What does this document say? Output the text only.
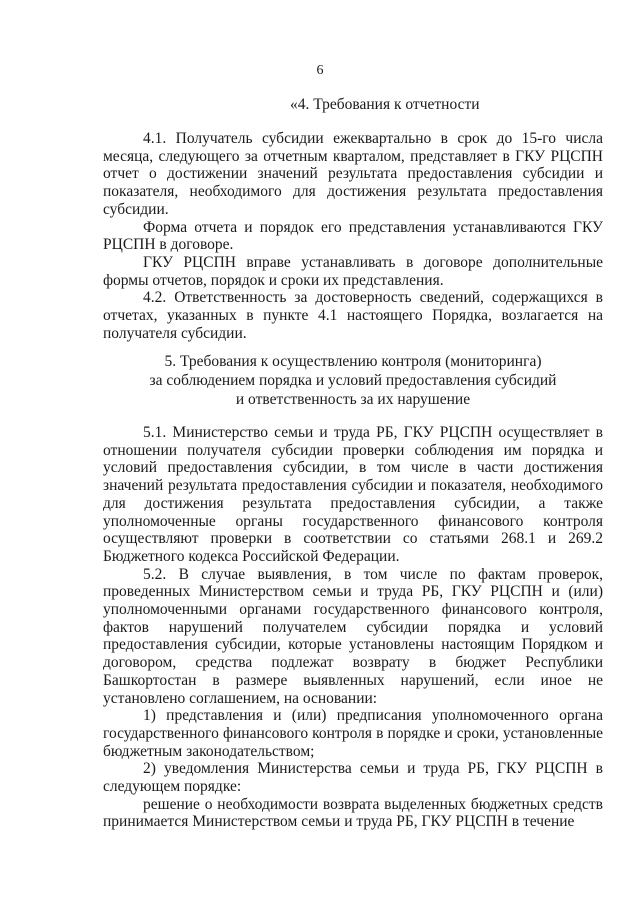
6
«4. Требования к отчетности

4.1. Получатель субсидии ежеквартально в срок до 15-го числа месяца, следующего за отчетным кварталом, представляет в ГКУ РЦСПН отчет о достижении значений результата предоставления субсидии и показателя, необходимого для достижения результата предоставления субсидии.

Форма отчета и порядок его представления устанавливаются ГКУ РЦСПН в договоре.

ГКУ РЦСПН вправе устанавливать в договоре дополнительные формы отчетов, порядок и сроки их представления.

4.2. Ответственность за достоверность сведений, содержащихся в отчетах, указанных в пункте 4.1 настоящего Порядка, возлагается на получателя субсидии.

5. Требования к осуществлению контроля (мониторинга)
за соблюдением порядка и условий предоставления субсидий
и ответственность за их нарушение

5.1. Министерство семьи и труда РБ, ГКУ РЦСПН осуществляет в отношении получателя субсидии проверки соблюдения им порядка и условий предоставления субсидии, в том числе в части достижения значений результата предоставления субсидии и показателя, необходимого для достижения результата предоставления субсидии, а также уполномоченные органы государственного финансового контроля осуществляют проверки в соответствии со статьями 268.1 и 269.2 Бюджетного кодекса Российской Федерации.

5.2. В случае выявления, в том числе по фактам проверок, проведенных Министерством семьи и труда РБ, ГКУ РЦСПН и (или) уполномоченными органами государственного финансового контроля, фактов нарушений получателем субсидии порядка и условий предоставления субсидии, которые установлены настоящим Порядком и договором, средства подлежат возврату в бюджет Республики Башкортостан в размере выявленных нарушений, если иное не установлено соглашением, на основании:

1) представления и (или) предписания уполномоченного органа государственного финансового контроля в порядке и сроки, установленные бюджетным законодательством;

2) уведомления Министерства семьи и труда РБ, ГКУ РЦСПН в следующем порядке:

решение о необходимости возврата выделенных бюджетных средств принимается Министерством семьи и труда РБ, ГКУ РЦСПН в течение
